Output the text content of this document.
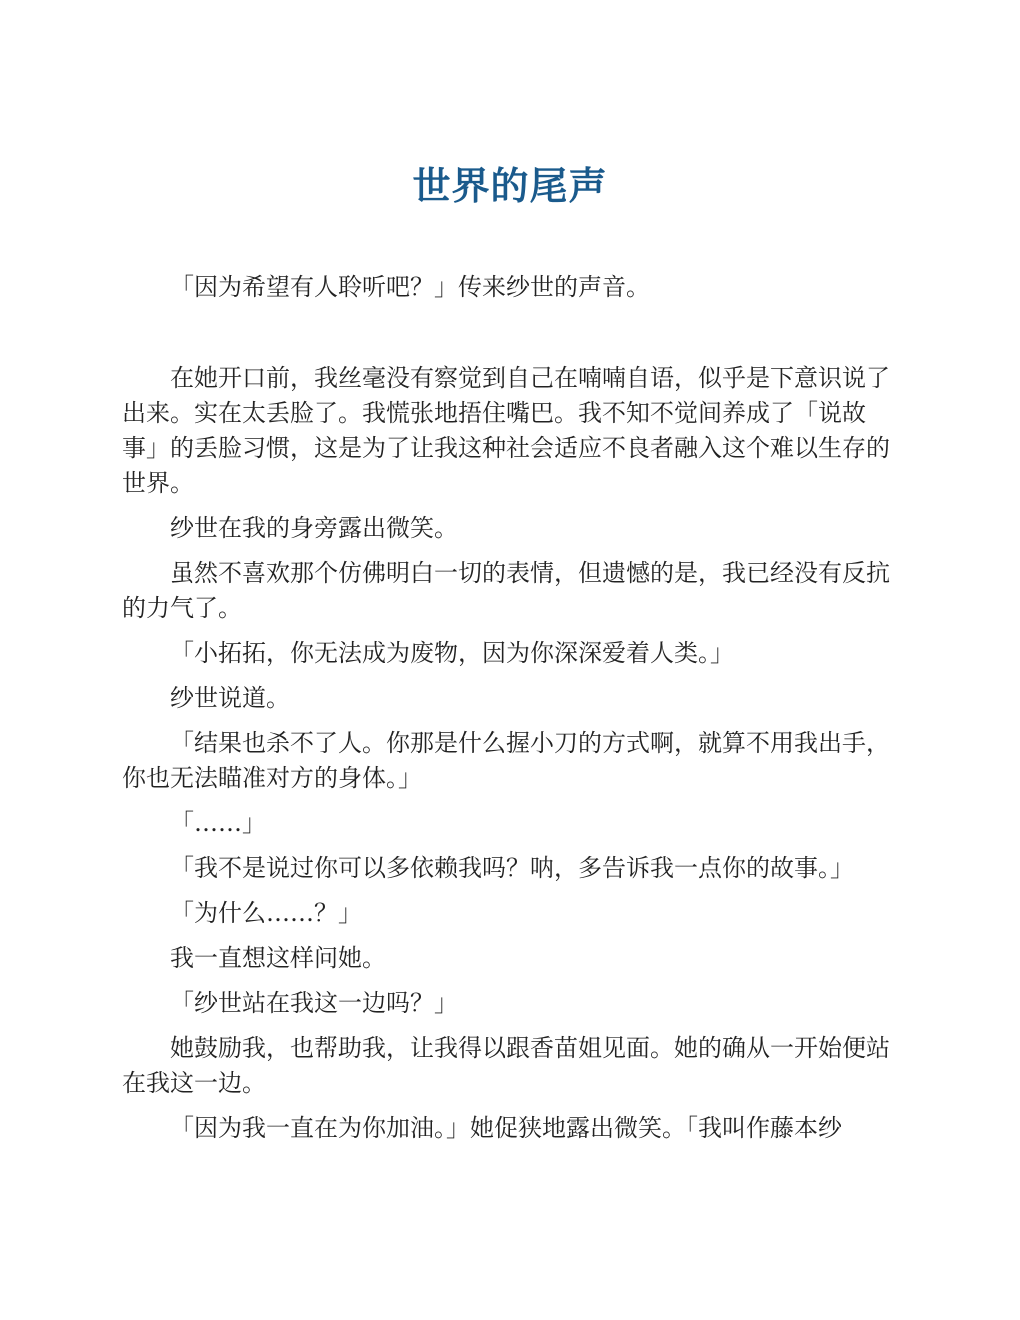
世界的尾声

「因为希望有人聆听吧？」传来纱世的声音。

在她开口前，我丝毫没有察觉到自己在喃喃自语，似乎是下意识说了出来。实在太丢脸了。我慌张地捂住嘴巴。我不知不觉间养成了「说故事」的丢脸习惯，这是为了让我这种社会适应不良者融入这个难以生存的世界。

纱世在我的身旁露出微笑。

虽然不喜欢那个仿佛明白一切的表情，但遗憾的是，我已经没有反抗的力气了。

「小拓拓，你无法成为废物，因为你深深爱着人类。」

纱世说道。

「结果也杀不了人。你那是什么握小刀的方式啊，就算不用我出手，你也无法瞄准对方的身体。」

「……」

「我不是说过你可以多依赖我吗？呐，多告诉我一点你的故事。」

「为什么……？」

我一直想这样问她。

「纱世站在我这一边吗？」

她鼓励我，也帮助我，让我得以跟香苗姐见面。她的确从一开始便站在我这一边。

「因为我一直在为你加油。」她促狭地露出微笑。「我叫作藤本纱
